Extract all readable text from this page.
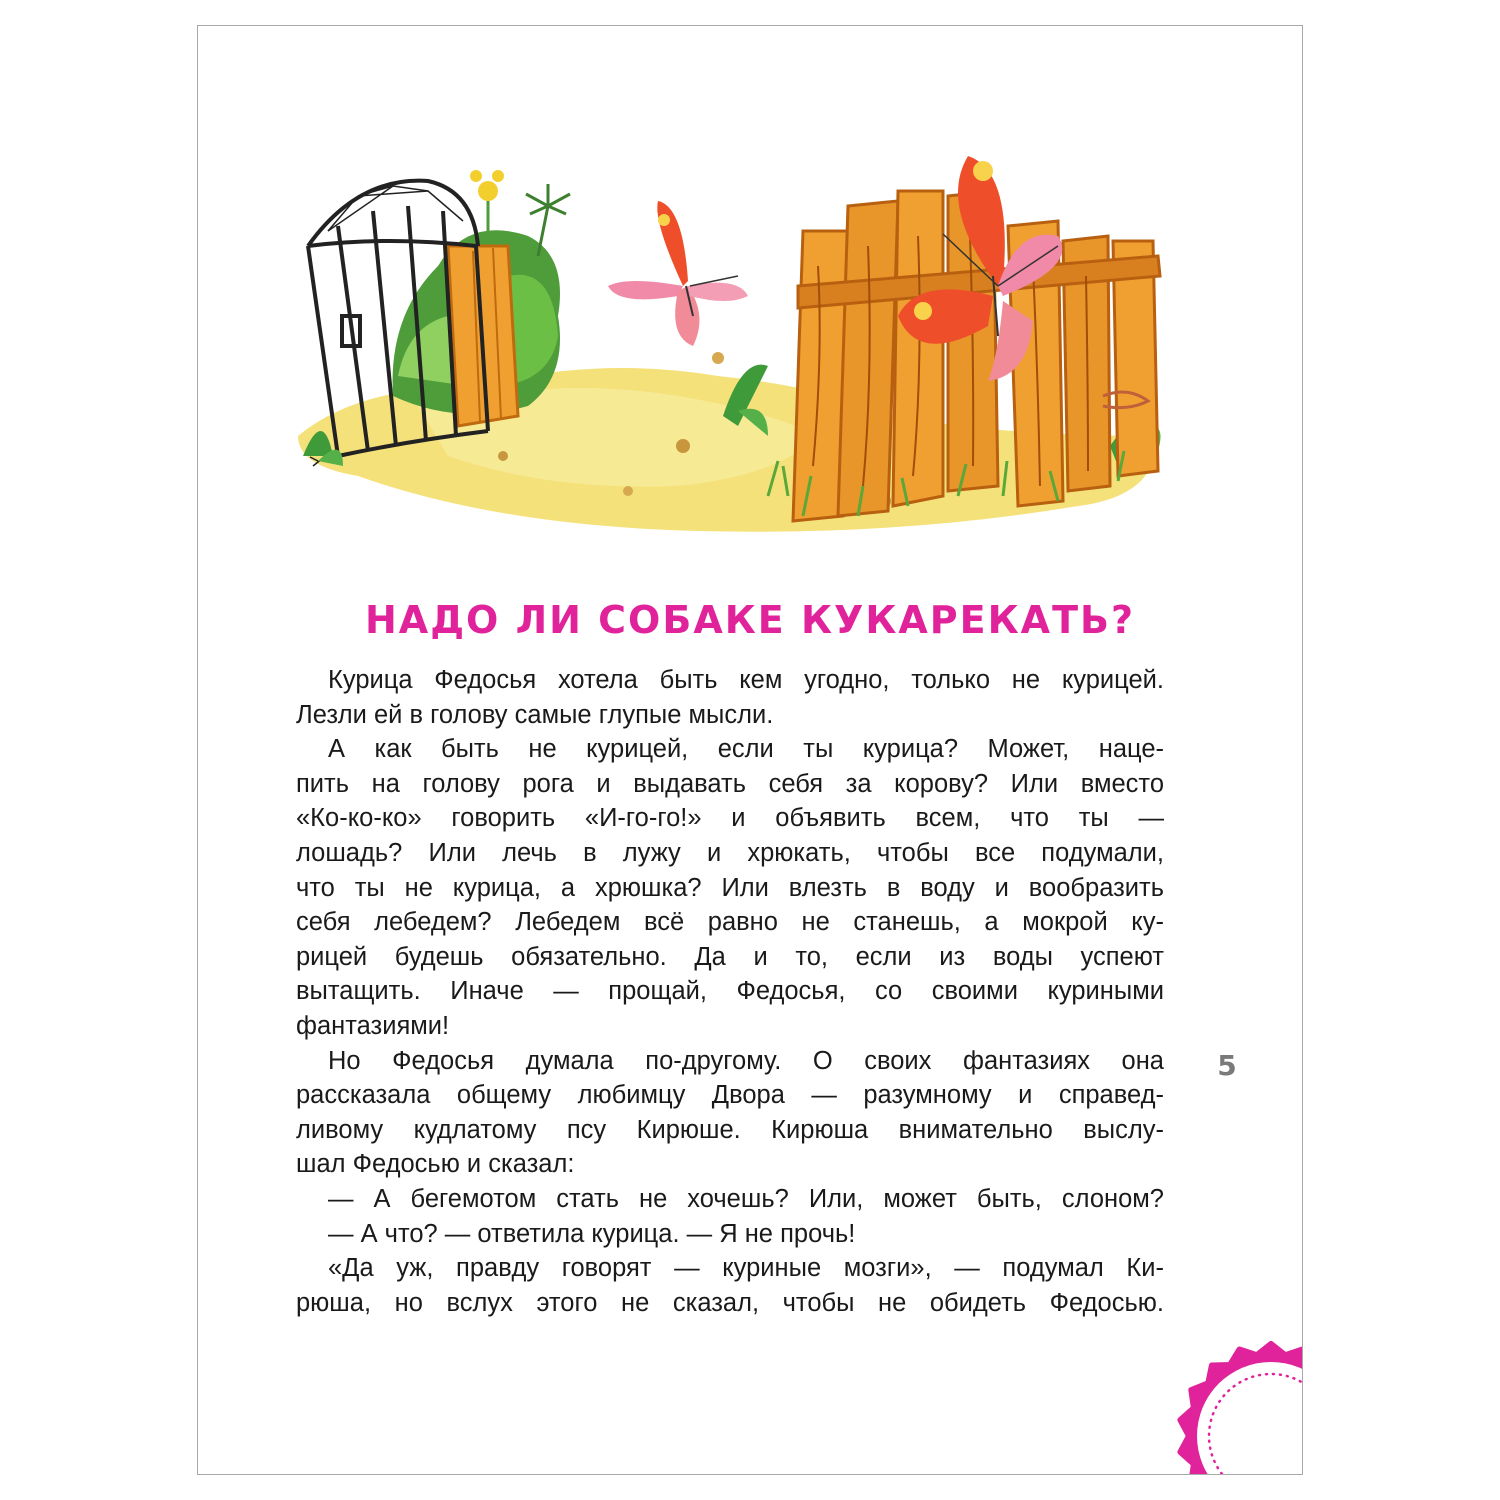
НАДО ЛИ СОБАКЕ КУКАРЕКАТЬ?
Курица Федосья хотела быть кем угодно, только не курицей.
Лезли ей в голову самые глупые мысли.
А как быть не курицей, если ты курица? Может, наце-
пить на голову рога и выдавать себя за корову? Или вместо
«Ко-ко-ко» говорить «И-го-го!» и объявить всем, что ты —
лошадь? Или лечь в лужу и хрюкать, чтобы все подумали,
что ты не курица, а хрюшка? Или влезть в воду и вообразить
себя лебедем? Лебедем всё равно не станешь, а мокрой ку-
рицей будешь обязательно. Да и то, если из воды успеют
вытащить. Иначе — прощай, Федосья, со своими куриными
фантазиями!
Но Федосья думала по-другому. О своих фантазиях она
рассказала общему любимцу Двора — разумному и справед-
ливому кудлатому псу Кирюше. Кирюша внимательно выслу-
шал Федосью и сказал:
— А бегемотом стать не хочешь? Или, может быть, слоном?
— А что? — ответила курица. — Я не прочь!
«Да уж, правду говорят — куриные мозги», — подумал Ки-
рюша, но вслух этого не сказал, чтобы не обидеть Федосью.
5
